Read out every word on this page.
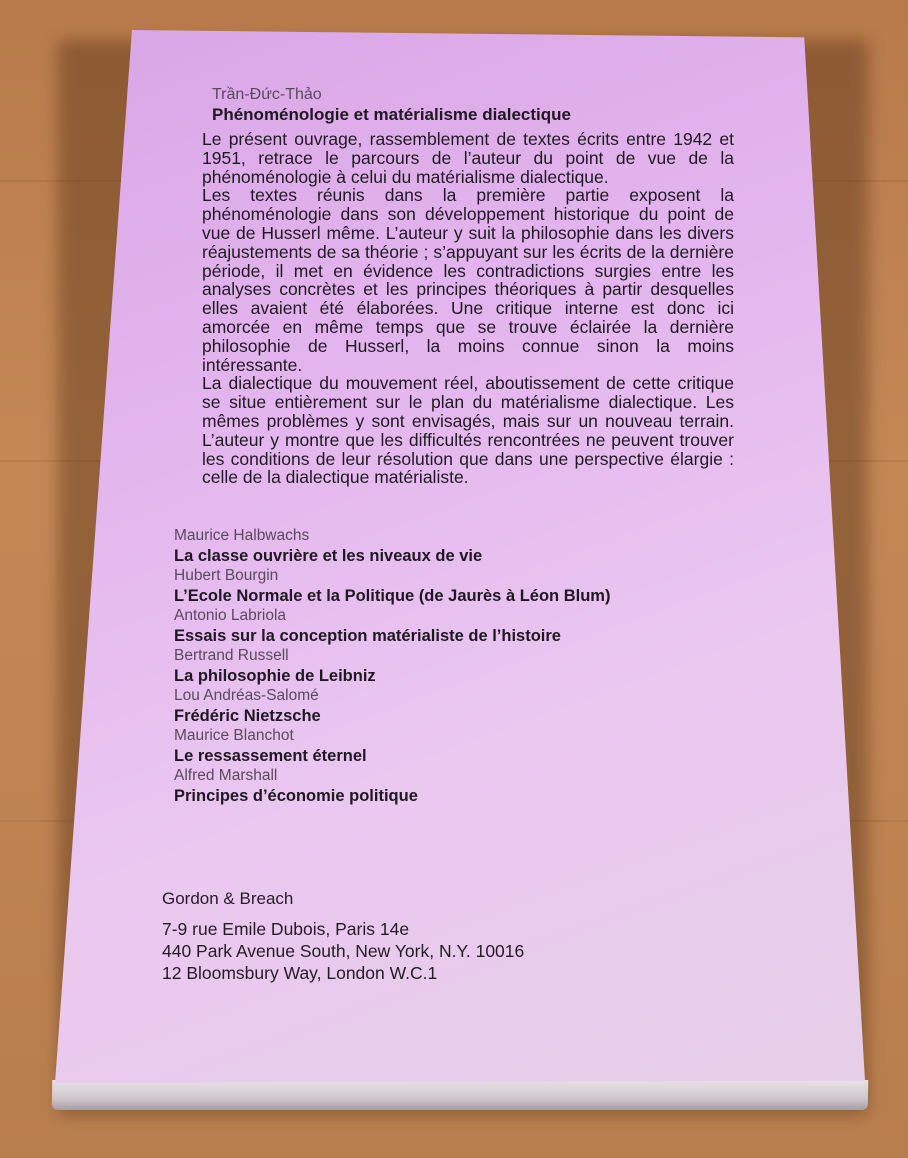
Trần-Đức-Thảo
Phénoménologie et matérialisme dialectique

Le présent ouvrage, rassemblement de textes écrits entre 1942 et 1951, retrace le parcours de l’auteur du point de vue de la phénoménologie à celui du matérialisme dialectique.

Les textes réunis dans la première partie exposent la phénoménologie dans son développement historique du point de vue de Husserl même. L’auteur y suit la philosophie dans les divers réajustements de sa théorie ; s’appuyant sur les écrits de la dernière période, il met en évidence les contradictions surgies entre les analyses concrètes et les principes théoriques à partir desquelles elles avaient été élaborées. Une critique interne est donc ici amorcée en même temps que se trouve éclairée la dernière philosophie de Husserl, la moins connue sinon la moins intéressante.

La dialectique du mouvement réel, aboutissement de cette critique se situe entièrement sur le plan du matérialisme dialectique. Les mêmes problèmes y sont envisagés, mais sur un nouveau terrain. L’auteur y montre que les difficultés rencontrées ne peuvent trouver les conditions de leur résolution que dans une perspective élargie : celle de la dialectique matérialiste.

Maurice Halbwachs
La classe ouvrière et les niveaux de vie
Hubert Bourgin
L’Ecole Normale et la Politique (de Jaurès à Léon Blum)
Antonio Labriola
Essais sur la conception matérialiste de l’histoire
Bertrand Russell
La philosophie de Leibniz
Lou Andréas-Salomé
Frédéric Nietzsche
Maurice Blanchot
Le ressassement éternel
Alfred Marshall
Principes d’économie politique
Gordon & Breach
7-9 rue Emile Dubois, Paris 14e
440 Park Avenue South, New York, N.Y. 10016
12 Bloomsbury Way, London W.C.1
